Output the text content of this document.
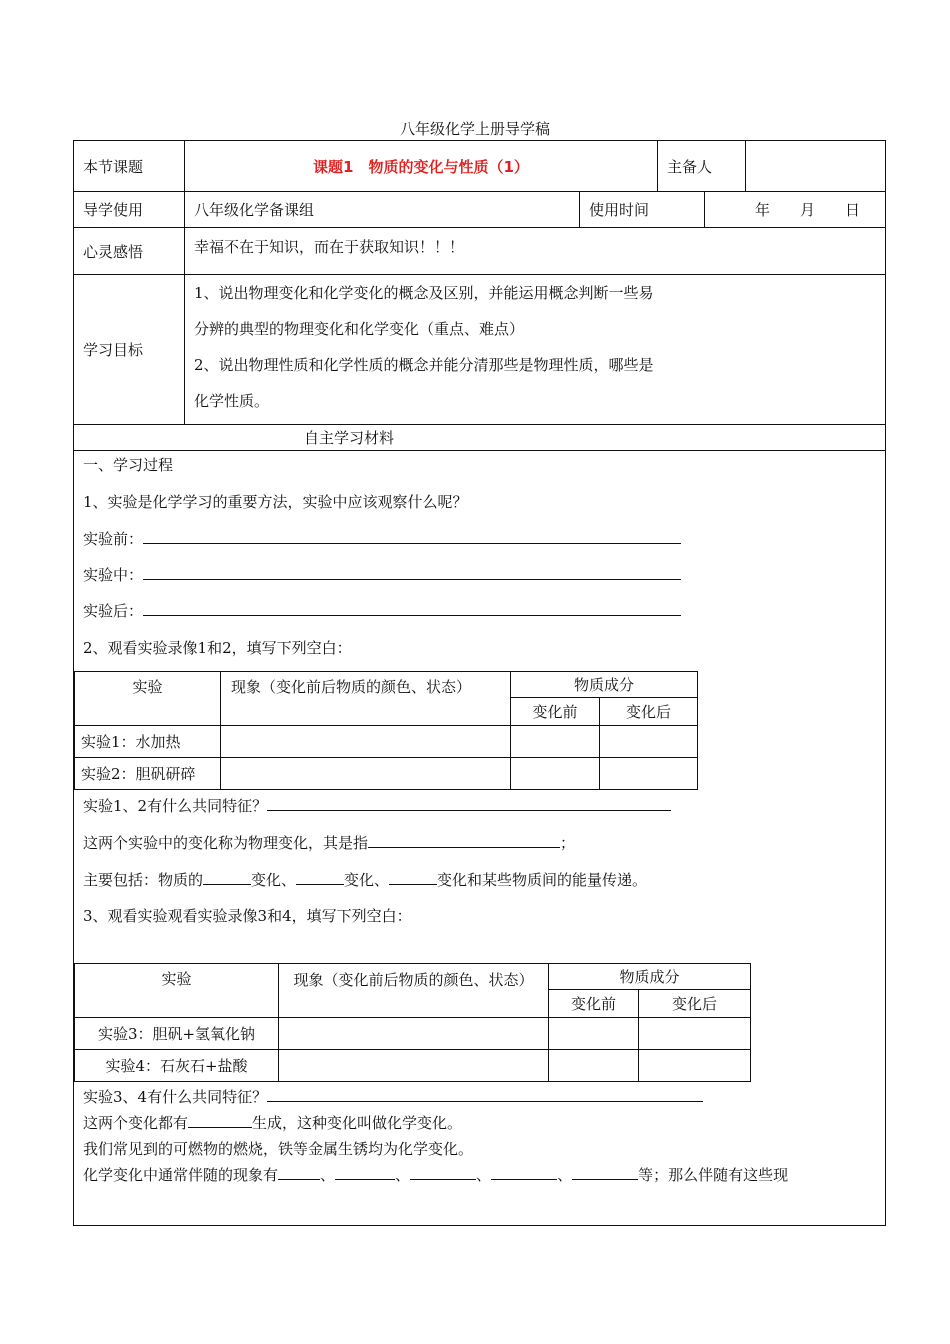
八年级化学上册导学稿
本节课题	课题1　物质的变化与性质（1）		主备人

导学使用	八年级化学备课组	使用时间 年　　月　　日	

心灵感悟	幸福不在于知识，而在于获取知识！！！		
学习目标	1、说出物理变化和化学变化的概念及区别，并能运用概念判断一些易
分辨的典型的物理变化和化学变化（重点、难点）
2、说出物理性质和化学性质的概念并能分清那些是物理性质，哪些是
化学性质。		

自主学习材料			
一、学习过程
1、实验是化学学习的重要方法，实验中应该观察什么呢？
实验前：
实验中：
实验后：
2、观看实验录像1和2，填写下列空白：
实验	现象（变化前后物质的颜色、状态）	物质成分	
		变化前	变化后
实验1：水加热			
实验2：胆矾研碎			
实验1、2有什么共同特征？
这两个实验中的变化称为物理变化，其是指	；
主要包括：物质的	变化、	变化、	变化和某些物质间的能量传递。
3、观看实验观看实验录像3和4，填写下列空白：
实验	现象（变化前后物质的颜色、状态）	物质成分	
		变化前	变化后
实验3：胆矾+氢氧化钠			
实验4：石灰石+盐酸			
实验3、4有什么共同特征？
这两个变化都有	生成，这种变化叫做化学变化。
我们常见到的可燃物的燃烧，铁等金属生锈均为化学变化。
化学变化中通常伴随的现象有	、	、	、	、	等；那么伴随有这些现
